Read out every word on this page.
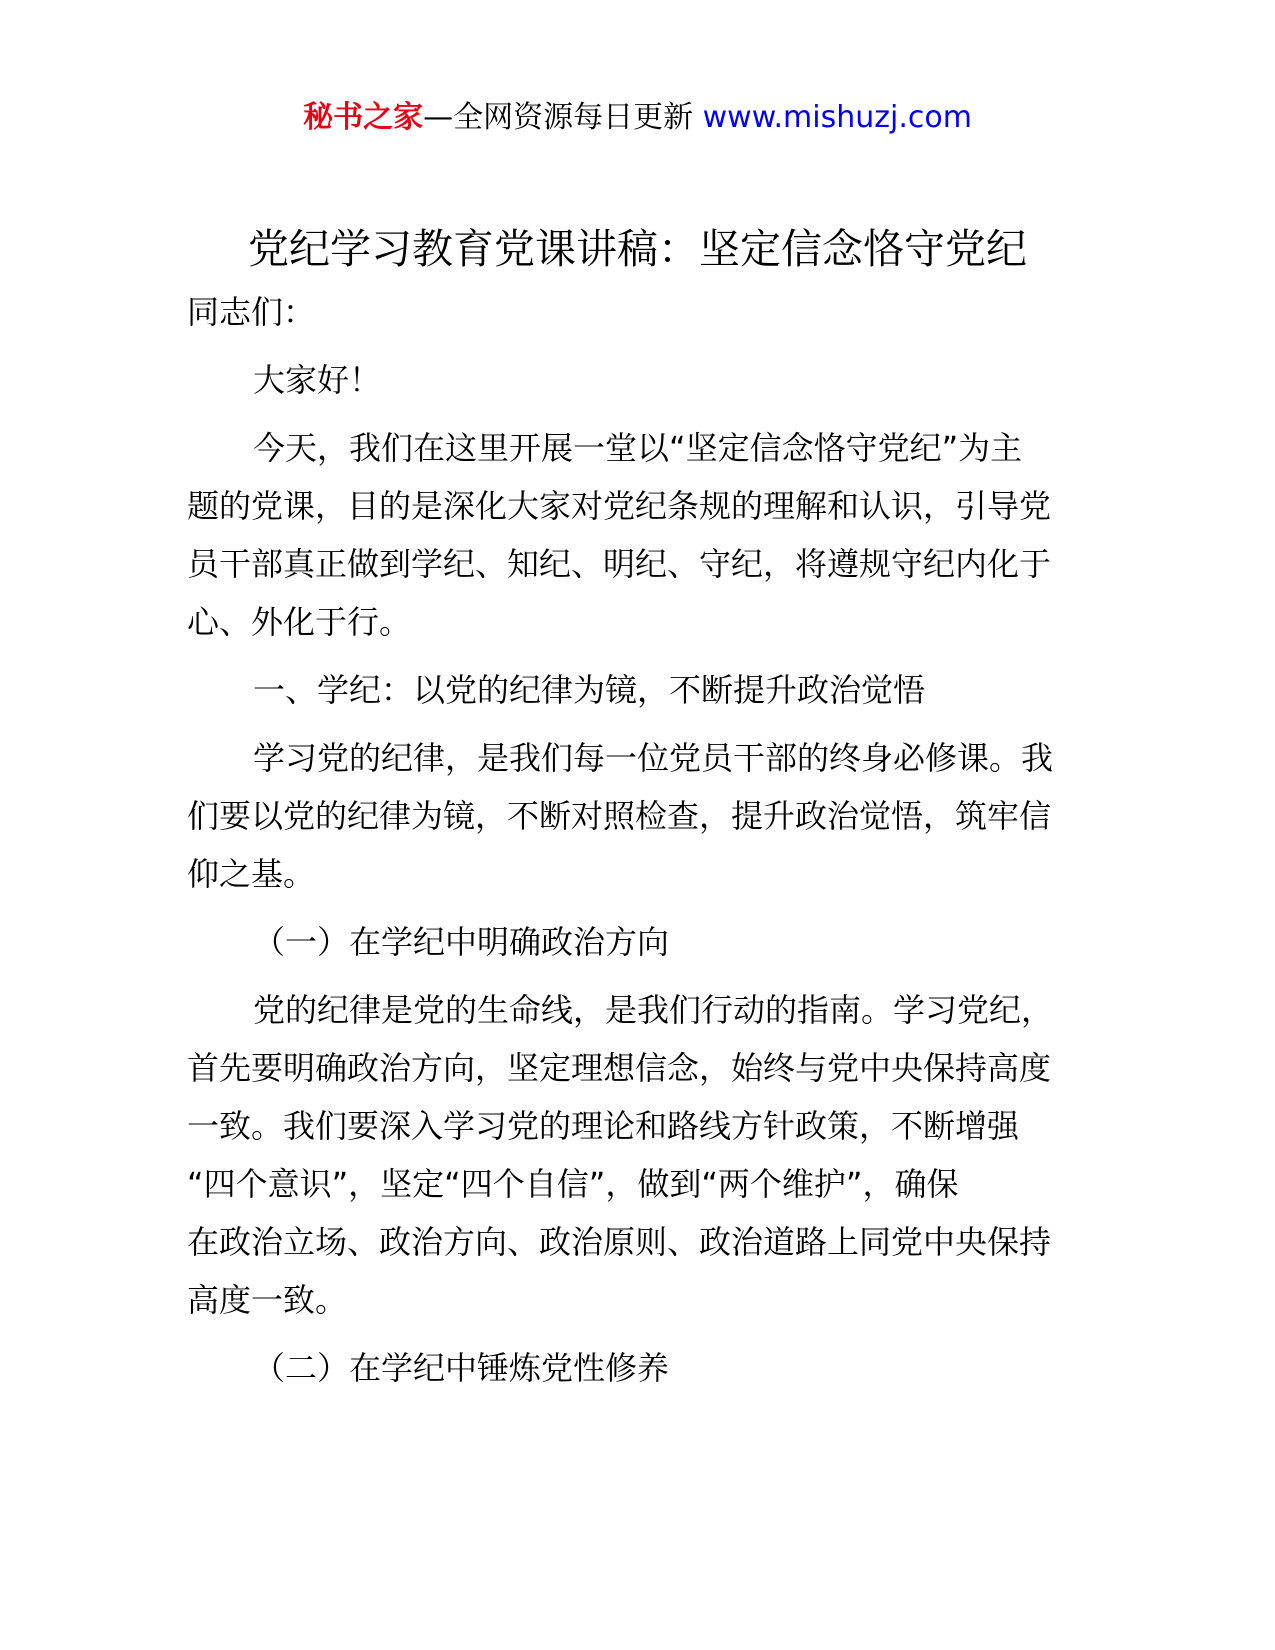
秘书之家—全网资源每日更新 www.mishuzj.com
党纪学习教育党课讲稿：坚定信念恪守党纪

同志们：

大家好！

今天，我们在这里开展一堂以“坚定信念恪守党纪”为主

题的党课，目的是深化大家对党纪条规的理解和认识，引导党

员干部真正做到学纪、知纪、明纪、守纪，将遵规守纪内化于

心、外化于行。

一、学纪：以党的纪律为镜，不断提升政治觉悟

学习党的纪律，是我们每一位党员干部的终身必修课。我

们要以党的纪律为镜，不断对照检查，提升政治觉悟，筑牢信

仰之基。

（一）在学纪中明确政治方向

党的纪律是党的生命线，是我们行动的指南。学习党纪，

首先要明确政治方向，坚定理想信念，始终与党中央保持高度

一致。我们要深入学习党的理论和路线方针政策，不断增强

“四个意识”，坚定“四个自信”，做到“两个维护”，确保

在政治立场、政治方向、政治原则、政治道路上同党中央保持

高度一致。

（二）在学纪中锤炼党性修养
